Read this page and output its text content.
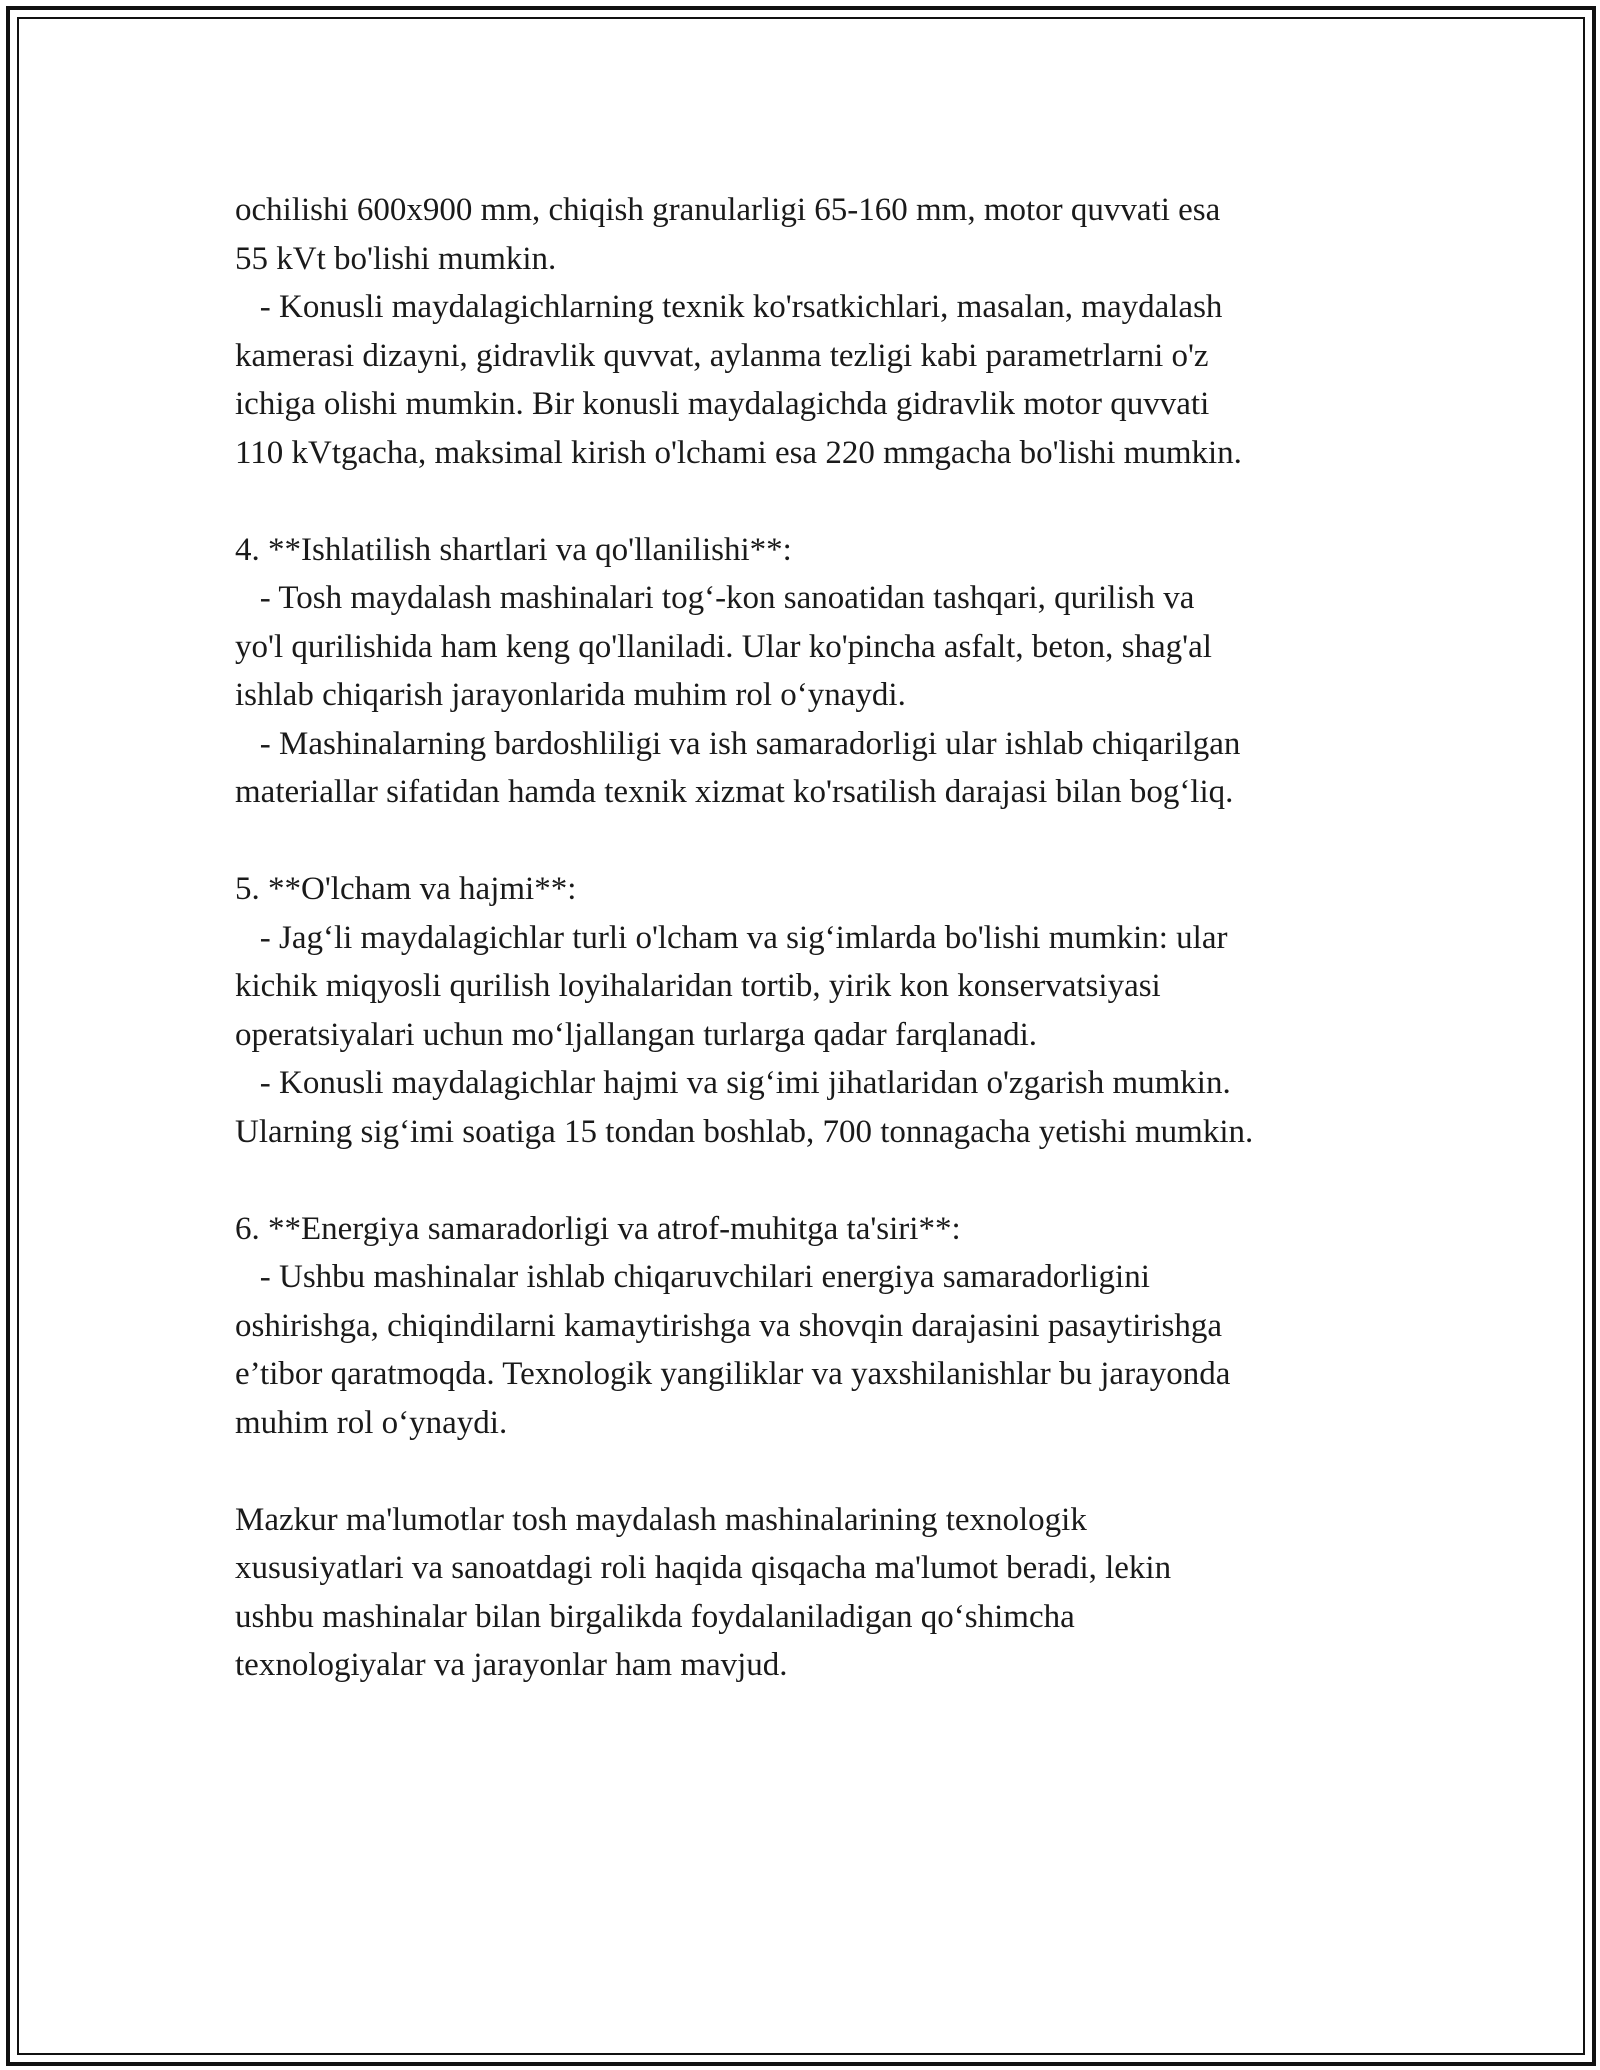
ochilishi 600x900 mm, chiqish granularligi 65-160 mm, motor quvvati esa
55 kVt bo'lishi mumkin.
- Konusli maydalagichlarning texnik ko'rsatkichlari, masalan, maydalash
kamerasi dizayni, gidravlik quvvat, aylanma tezligi kabi parametrlarni o'z
ichiga olishi mumkin. Bir konusli maydalagichda gidravlik motor quvvati
110 kVtgacha, maksimal kirish o'lchami esa 220 mmgacha bo'lishi mumkin.
4. **Ishlatilish shartlari va qo'llanilishi**:
- Tosh maydalash mashinalari tog‘-kon sanoatidan tashqari, qurilish va
yo'l qurilishida ham keng qo'llaniladi. Ular ko'pincha asfalt, beton, shag'al
ishlab chiqarish jarayonlarida muhim rol o‘ynaydi.
- Mashinalarning bardoshliligi va ish samaradorligi ular ishlab chiqarilgan
materiallar sifatidan hamda texnik xizmat ko'rsatilish darajasi bilan bog‘liq.
5. **O'lcham va hajmi**:
- Jag‘li maydalagichlar turli o'lcham va sig‘imlarda bo'lishi mumkin: ular
kichik miqyosli qurilish loyihalaridan tortib, yirik kon konservatsiyasi
operatsiyalari uchun mo‘ljallangan turlarga qadar farqlanadi.
- Konusli maydalagichlar hajmi va sig‘imi jihatlaridan o'zgarish mumkin.
Ularning sig‘imi soatiga 15 tondan boshlab, 700 tonnagacha yetishi mumkin.
6. **Energiya samaradorligi va atrof-muhitga ta'siri**:
- Ushbu mashinalar ishlab chiqaruvchilari energiya samaradorligini
oshirishga, chiqindilarni kamaytirishga va shovqin darajasini pasaytirishga
e’tibor qaratmoqda. Texnologik yangiliklar va yaxshilanishlar bu jarayonda
muhim rol o‘ynaydi.
Mazkur ma'lumotlar tosh maydalash mashinalarining texnologik
xususiyatlari va sanoatdagi roli haqida qisqacha ma'lumot beradi, lekin
ushbu mashinalar bilan birgalikda foydalaniladigan qo‘shimcha
texnologiyalar va jarayonlar ham mavjud.
